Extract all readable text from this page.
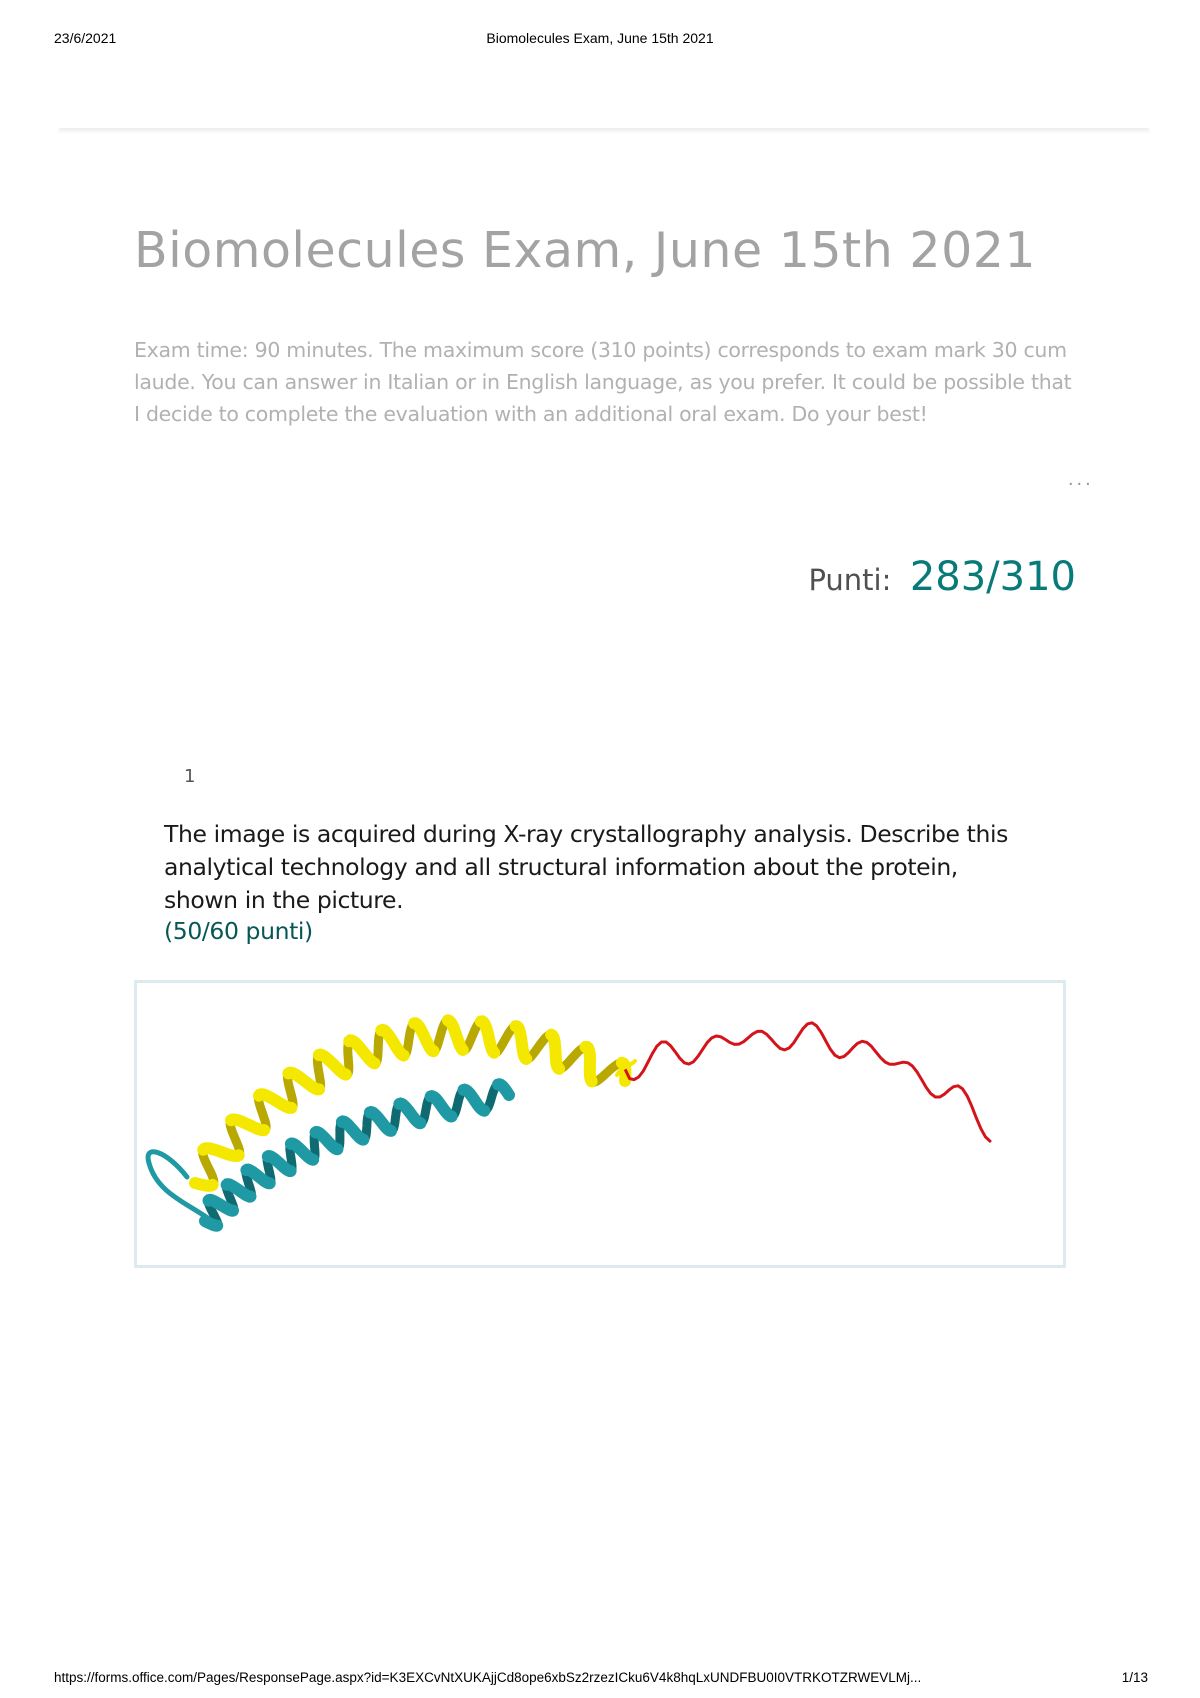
23/6/2021	Biomolecules Exam, June 15th 2021
Biomolecules Exam, June 15th 2021
Exam time: 90 minutes. The maximum score (310 points) corresponds to exam mark 30 cum laude. You can answer in Italian or in English language, as you prefer. It could be possible that I decide to complete the evaluation with an additional oral exam. Do your best!
...
Punti: 283/310
1
The image is acquired during X-ray crystallography analysis. Describe this analytical technology and all structural information about the protein, shown in the picture.
(50/60 punti)
https://forms.office.com/Pages/ResponsePage.aspx?id=K3EXCvNtXUKAjjCd8ope6xbSz2rzezICku6V4k8hqLxUNDFBU0I0VTRKOTZRWEVLMj...	1/13
